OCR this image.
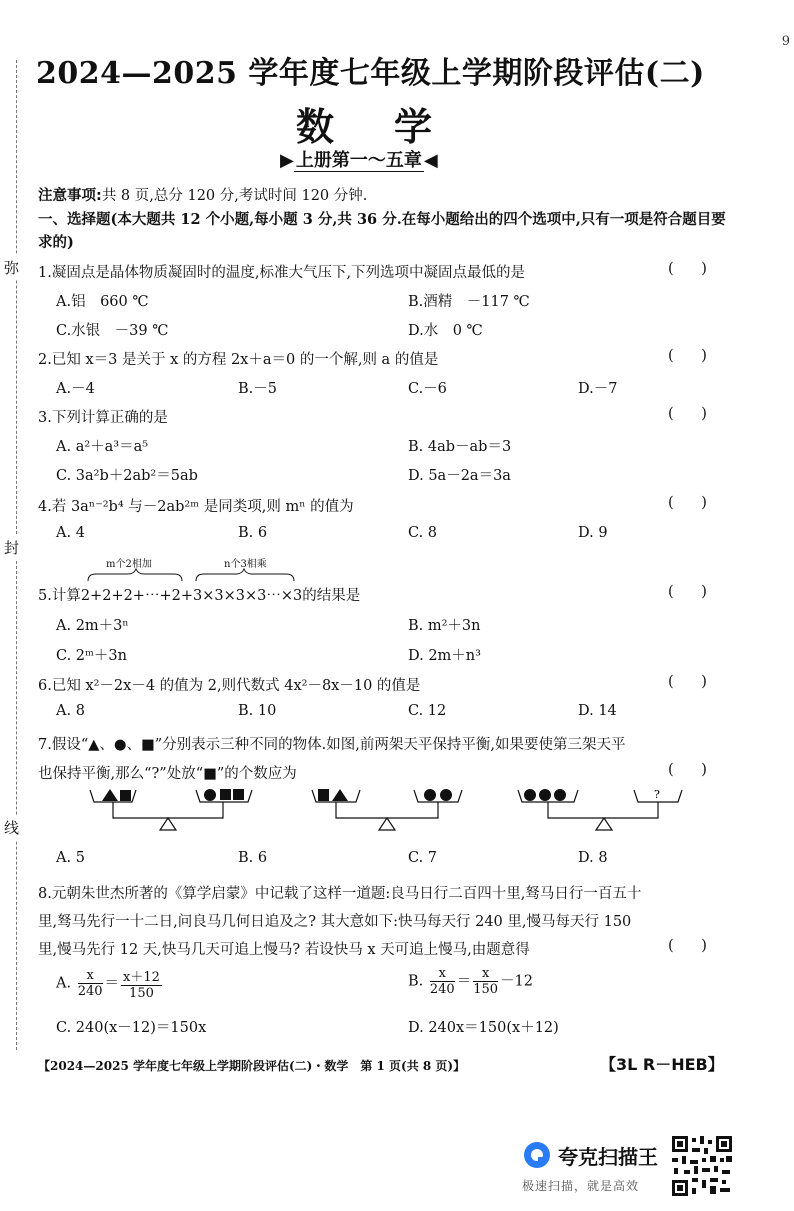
9
弥
封
线
2024—2025 学年度七年级上学期阶段评估(二)
数学
▶ 上册第一～五章 ◀
注意事项:共 8 页,总分 120 分,考试时间 120 分钟.
一、选择题(本大题共 12 个小题,每小题 3 分,共 36 分.在每小题给出的四个选项中,只有一项是符合题目要求的)
1.凝固点是晶体物质凝固时的温度,标准大气压下,下列选项中凝固点最低的是	(      )
A.铝　660 ℃	B.酒精　－117 ℃
C.水银　－39 ℃	D.水　0 ℃
2.已知 x＝3 是关于 x 的方程 2x＋a＝0 的一个解,则 a 的值是	(      )
A.－4	B.－5	C.－6	D.－7
3.下列计算正确的是	(      )
A. a²＋a³＝a⁵	B. 4ab－ab＝3
C. 3a²b＋2ab²＝5ab	D. 5a－2a＝3a
4.若 3aⁿ⁻²b⁴ 与－2ab²ᵐ 是同类项,则 mⁿ 的值为	(      )
A. 4	B. 6	C. 8	D. 9
m个2相加	n个3相乘
5.计算2+2+2+⋯+2+3×3×3×3⋯×3的结果是	(      )
A. 2m＋3ⁿ	B. m²＋3n
C. 2ᵐ＋3n	D. 2m＋n³
6.已知 x²－2x－4 的值为 2,则代数式 4x²－8x－10 的值是	(      )
A. 8	B. 10	C. 12	D. 14
7.假设“▲、●、■”分别表示三种不同的物体.如图,前两架天平保持平衡,如果要使第三架天平
也保持平衡,那么“?”处放“■”的个数应为	(      )
?
A. 5	B. 6	C. 7	D. 8
8.元朝朱世杰所著的《算学启蒙》中记载了这样一道题:良马日行二百四十里,驽马日行一百五十
里,驽马先行一十二日,问良马几何日追及之? 其大意如下:快马每天行 240 里,慢马每天行 150
里,慢马先行 12 天,快马几天可追上慢马? 若设快马 x 天可追上慢马,由题意得	(      )
A. $\frac{x}{240} = \frac{x+12}{150}$	B. $\frac{x}{240} = \frac{x}{150} -12$
C. 240(x－12)＝150x	D. 240x＝150(x＋12)
【2024—2025 学年度七年级上学期阶段评估(二)・数学　第 1 页(共 8 页)】	【3L R－HEB】
夸克扫描王
极速扫描，就是高效
